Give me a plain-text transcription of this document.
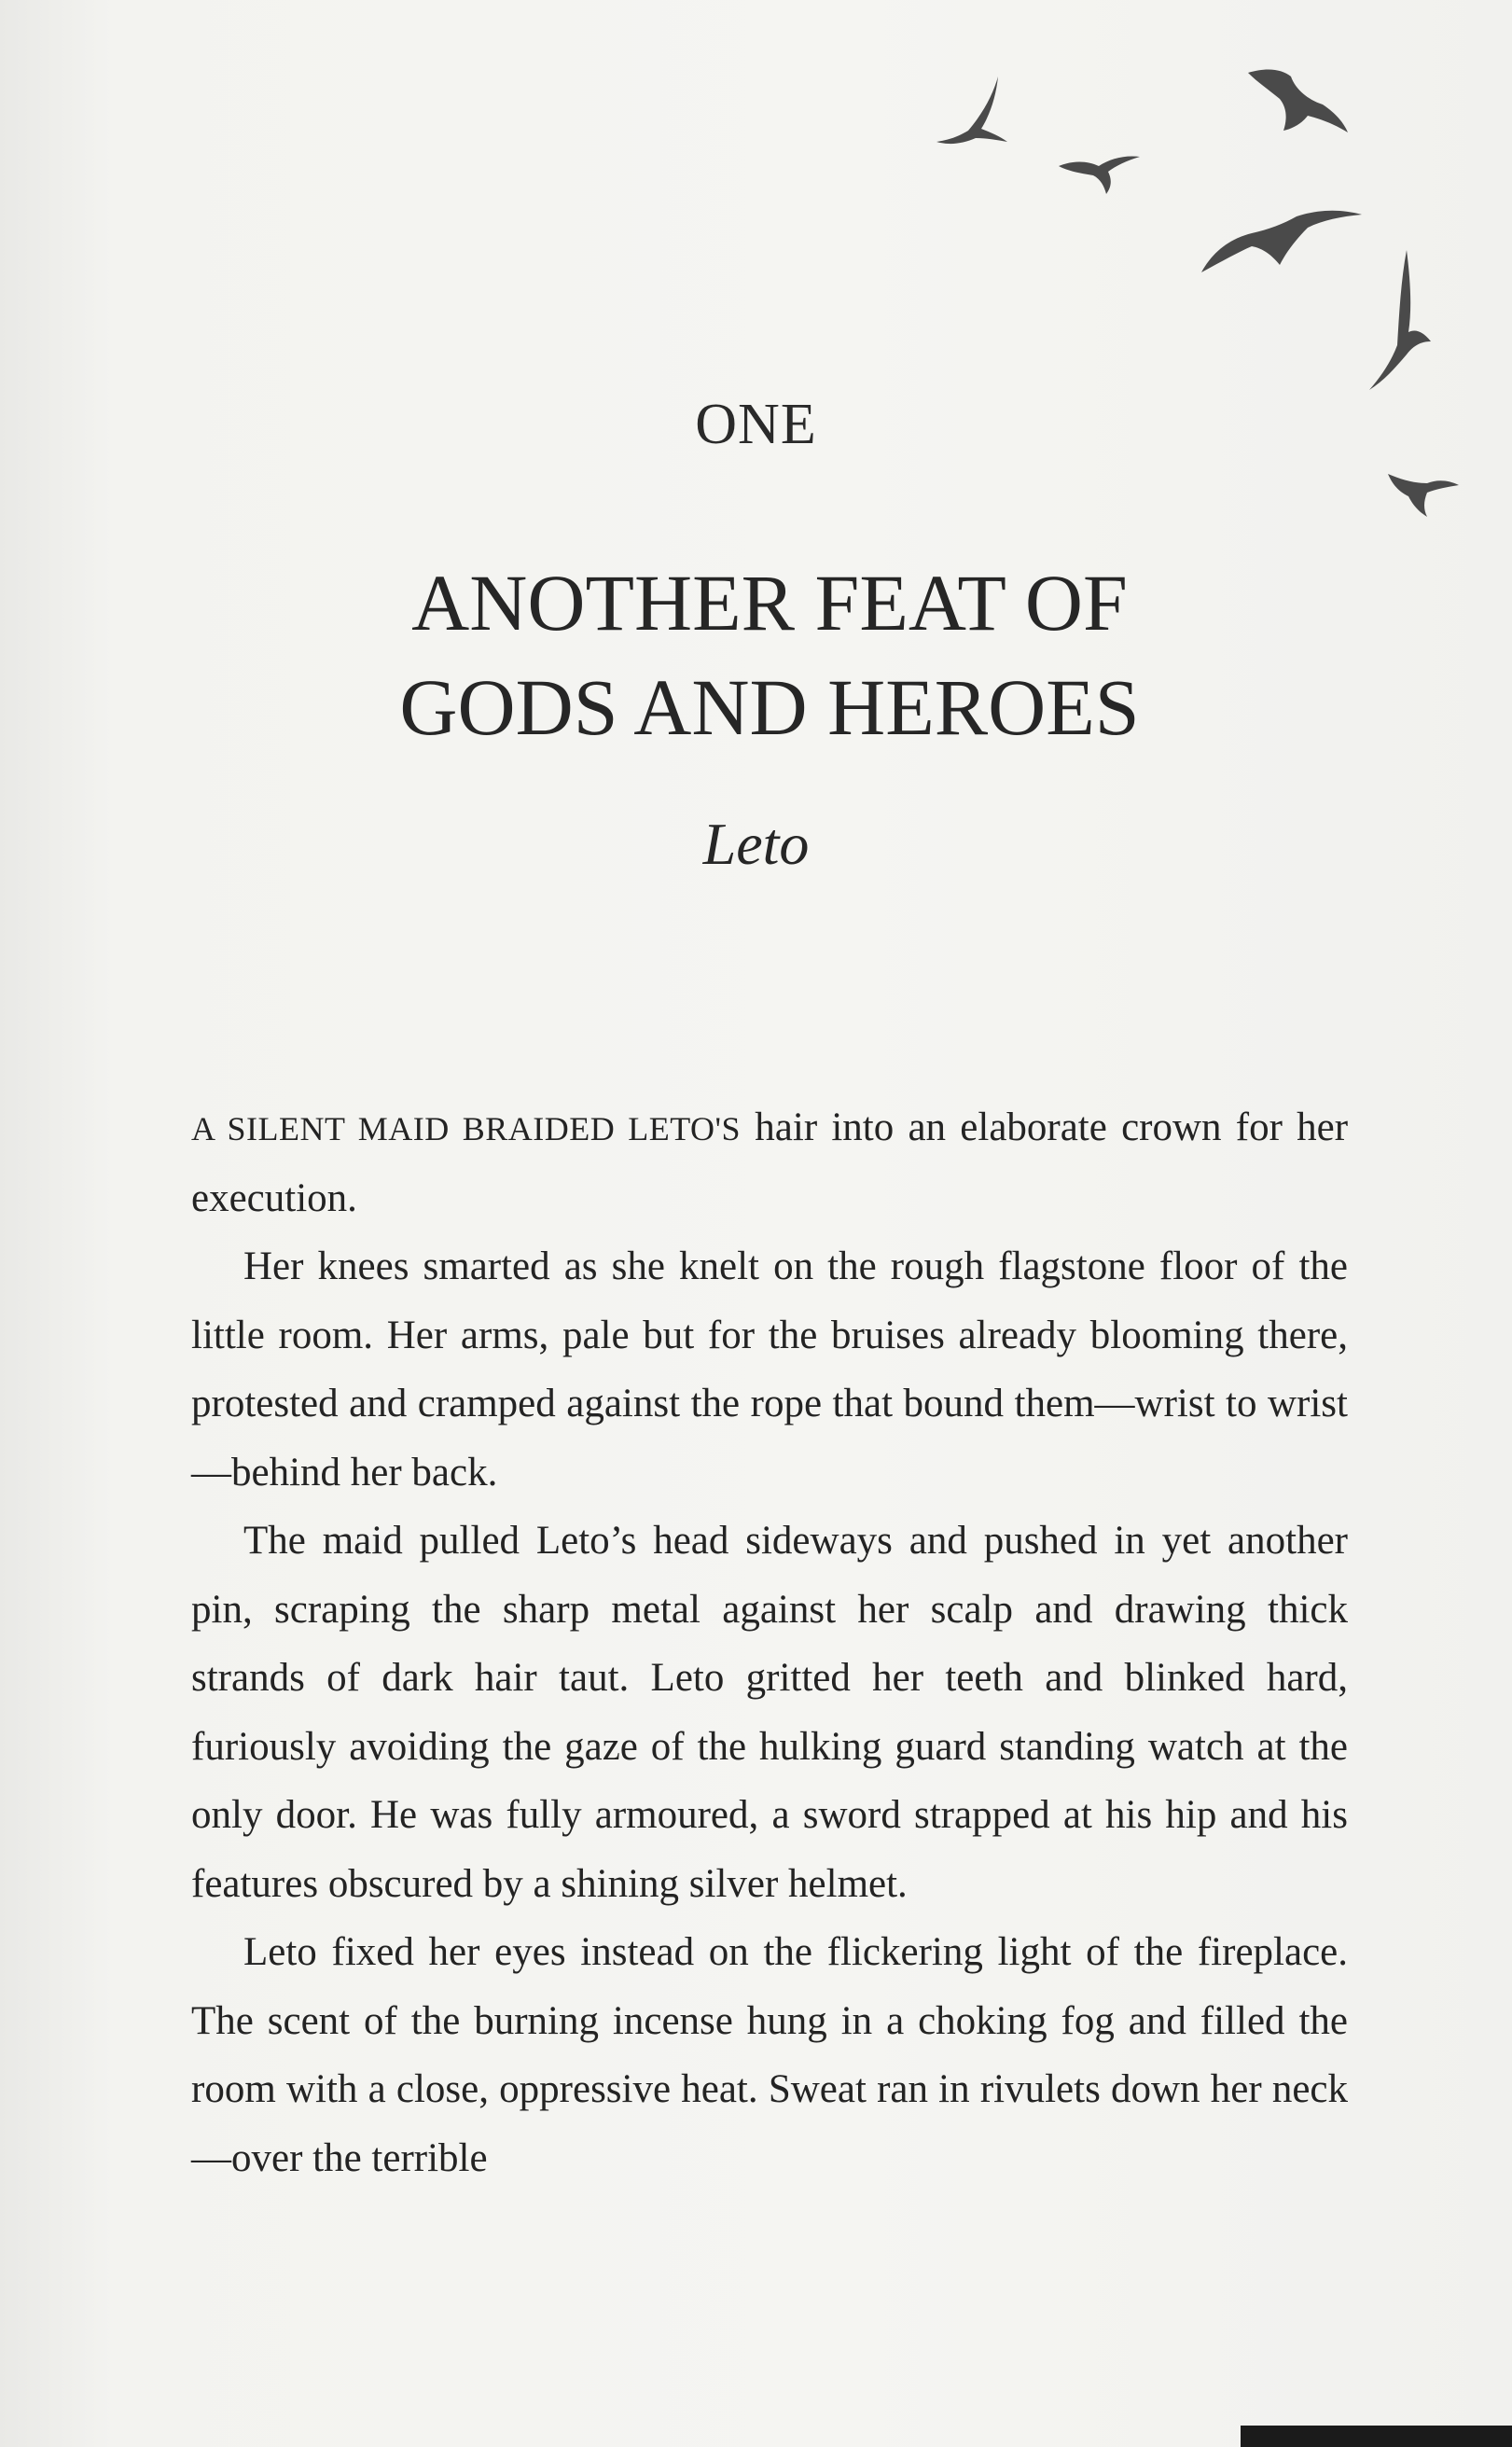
ONE
ANOTHER FEAT OF
GODS AND HEROES
Leto

A SILENT MAID BRAIDED LETO'S hair into an elaborate crown for her execution.

Her knees smarted as she knelt on the rough flagstone floor of the little room. Her arms, pale but for the bruises already blooming there, protested and cramped against the rope that bound them—wrist to wrist—behind her back.

The maid pulled Leto’s head sideways and pushed in yet another pin, scraping the sharp metal against her scalp and drawing thick strands of dark hair taut. Leto gritted her teeth and blinked hard, furiously avoiding the gaze of the hulking guard standing watch at the only door. He was fully armoured, a sword strapped at his hip and his features obscured by a shining silver helmet.

Leto fixed her eyes instead on the flickering light of the fireplace. The scent of the burning incense hung in a choking fog and filled the room with a close, oppressive heat. Sweat ran in rivulets down her neck—over the terrible
